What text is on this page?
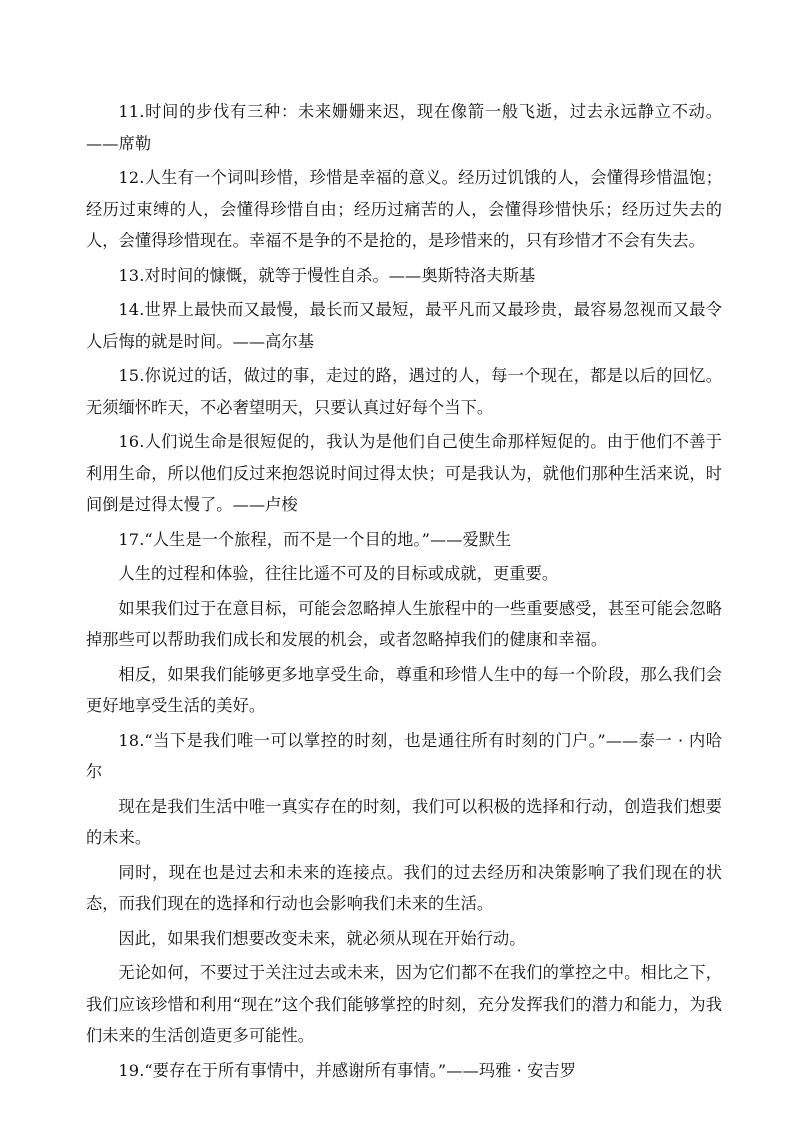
11.时间的步伐有三种：未来姗姗来迟，现在像箭一般飞逝，过去永远静立不动。——席勒

12.人生有一个词叫珍惜，珍惜是幸福的意义。经历过饥饿的人，会懂得珍惜温饱；经历过束缚的人，会懂得珍惜自由；经历过痛苦的人，会懂得珍惜快乐；经历过失去的人，会懂得珍惜现在。幸福不是争的不是抢的，是珍惜来的，只有珍惜才不会有失去。

13.对时间的慷慨，就等于慢性自杀。——奥斯特洛夫斯基

14.世界上最快而又最慢，最长而又最短，最平凡而又最珍贵，最容易忽视而又最令人后悔的就是时间。——高尔基

15.你说过的话，做过的事，走过的路，遇过的人，每一个现在，都是以后的回忆。无须缅怀昨天，不必奢望明天，只要认真过好每个当下。

16.人们说生命是很短促的，我认为是他们自己使生命那样短促的。由于他们不善于利用生命，所以他们反过来抱怨说时间过得太快；可是我认为，就他们那种生活来说，时间倒是过得太慢了。——卢梭

17.“人生是一个旅程，而不是一个目的地。”——爱默生

人生的过程和体验，往往比遥不可及的目标或成就，更重要。

如果我们过于在意目标，可能会忽略掉人生旅程中的一些重要感受，甚至可能会忽略掉那些可以帮助我们成长和发展的机会，或者忽略掉我们的健康和幸福。

相反，如果我们能够更多地享受生命，尊重和珍惜人生中的每一个阶段，那么我们会更好地享受生活的美好。

18.“当下是我们唯一可以掌控的时刻，也是通往所有时刻的门户。”——泰一 · 内哈尔

现在是我们生活中唯一真实存在的时刻，我们可以积极的选择和行动，创造我们想要的未来。

同时，现在也是过去和未来的连接点。我们的过去经历和决策影响了我们现在的状态，而我们现在的选择和行动也会影响我们未来的生活。

因此，如果我们想要改变未来，就必须从现在开始行动。

无论如何，不要过于关注过去或未来，因为它们都不在我们的掌控之中。相比之下，我们应该珍惜和利用“现在”这个我们能够掌控的时刻，充分发挥我们的潜力和能力，为我们未来的生活创造更多可能性。

19.“要存在于所有事情中，并感谢所有事情。”——玛雅 · 安吉罗
